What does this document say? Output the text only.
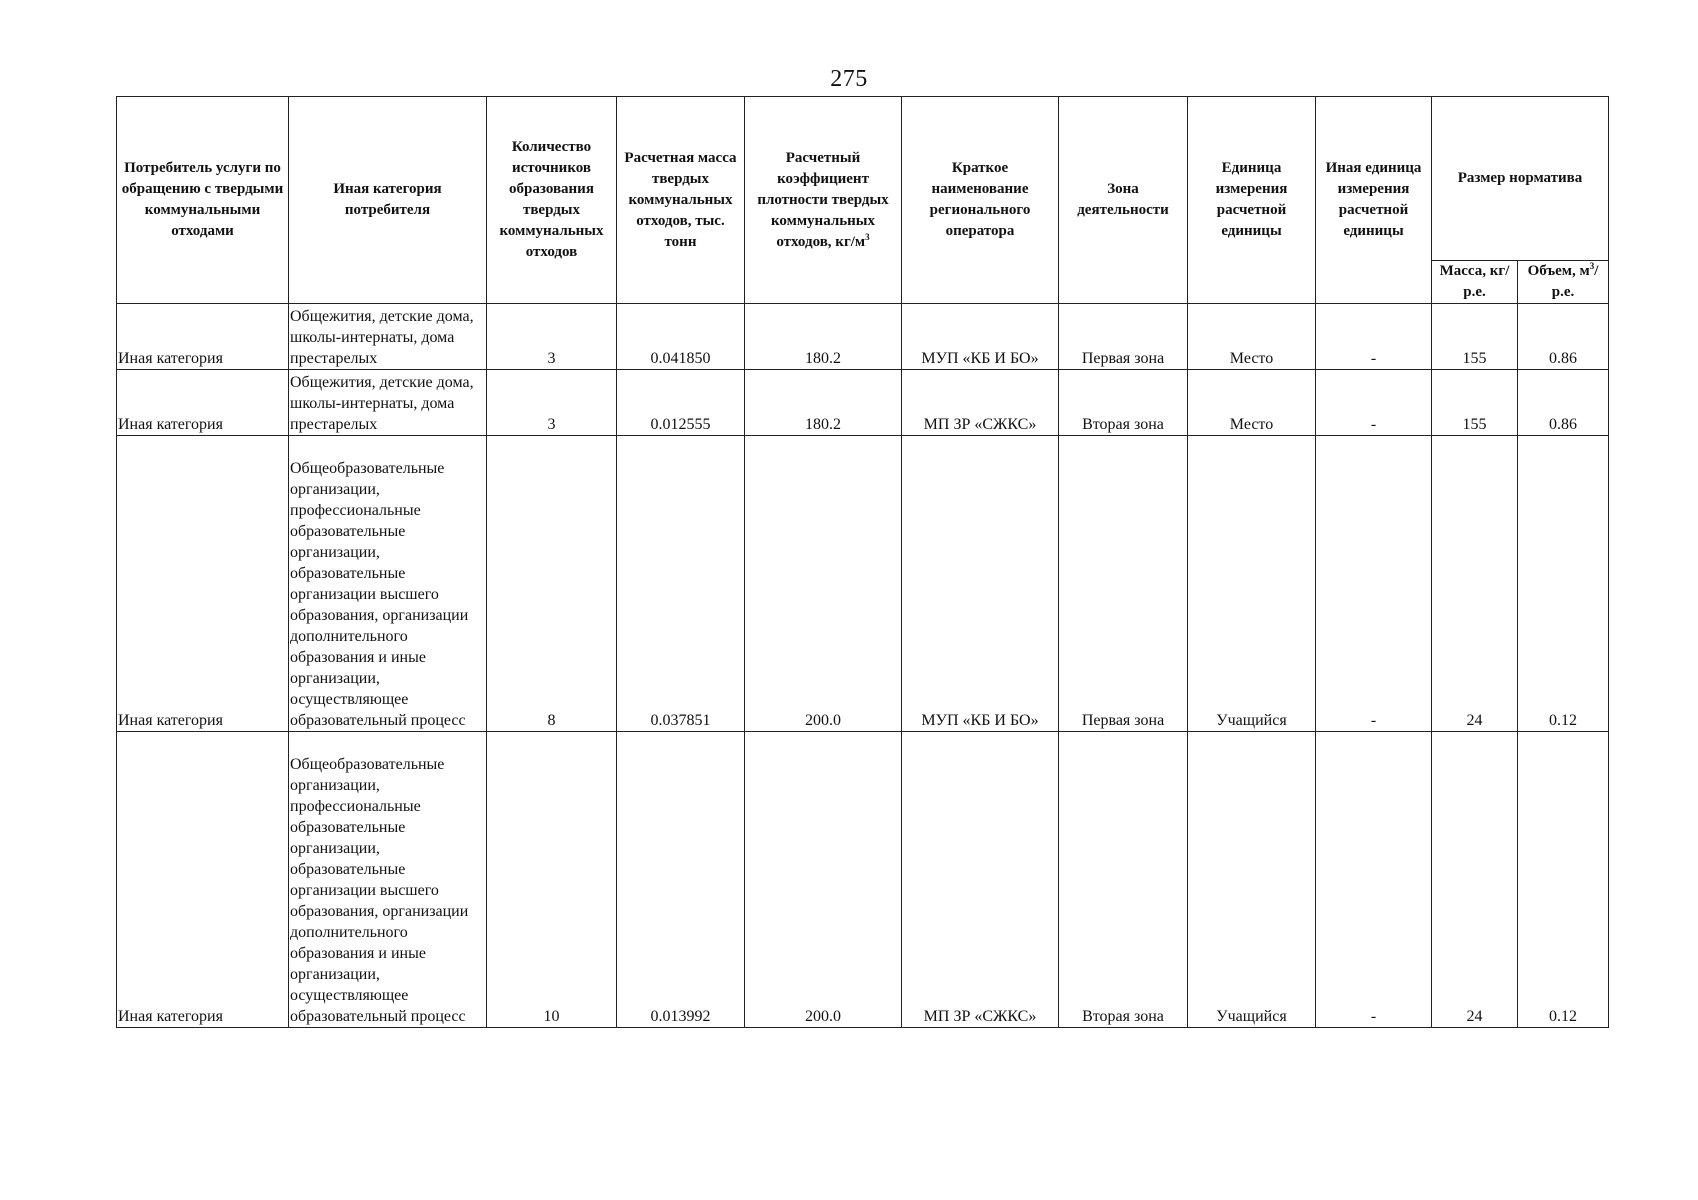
275
Потребитель услуги по обращению с твердыми коммунальными отходами	Иная категория потребителя	Количество источников образования твердых коммунальных отходов	Расчетная масса твердых коммунальных отходов, тыс. тонн	Расчетный коэффициент плотности твердых коммунальных отходов, $кг/м^3$	Краткое наименование регионального оператора	Зона деятельности	Единица измерения расчетной единицы	Иная единица измерения расчетной единицы	Размер норматива	
									Масса, кг/р.е.	Объем, $м^3/р.е$.
Иная категория	Общежития, детские дома, школы-интернаты, дома престарелых	3	0.041850	180.2	МУП «КБ И БО»	Первая зона	Место	-	155	0.86
Иная категория	Общежития, детские дома, школы-интернаты, дома престарелых	3	0.012555	180.2	МП ЗР «СЖКС»	Вторая зона	Место	-	155	0.86
Иная категория	Общеобразовательные организации, профессиональные образовательные организации, образовательные организации высшего образования, организации дополнительного образования и иные организации, осуществляющее образовательный процесс	8	0.037851	200.0	МУП «КБ И БО»	Первая зона	Учащийся	-	24	0.12
Иная категория	Общеобразовательные организации, профессиональные образовательные организации, образовательные организации высшего образования, организации дополнительного образования и иные организации, осуществляющее образовательный процесс	10	0.013992	200.0	МП ЗР «СЖКС»	Вторая зона	Учащийся	-	24	0.12
